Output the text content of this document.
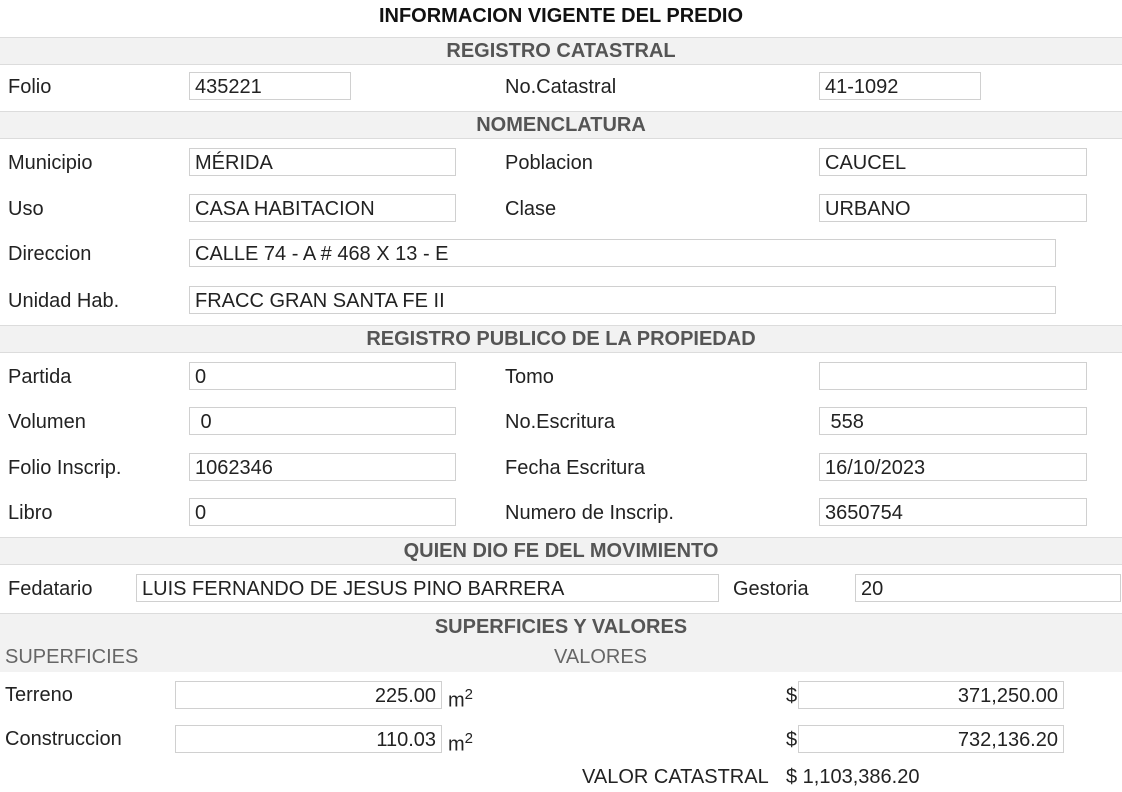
INFORMACION VIGENTE DEL PREDIO
REGISTRO CATASTRAL
Folio	435221	No.Catastral	41-1092
NOMENCLATURA
Municipio	MÉRIDA	Poblacion	CAUCEL
Uso	CASA HABITACION	Clase	URBANO
Direccion	CALLE 74 - A # 468 X 13 - E
Unidad Hab.	FRACC GRAN SANTA FE II
REGISTRO PUBLICO DE LA PROPIEDAD
Partida	0	Tomo
Volumen	0	No.Escritura	558
Folio Inscrip.	1062346	Fecha Escritura	16/10/2023
Libro	0	Numero de Inscrip.	3650754
QUIEN DIO FE DEL MOVIMIENTO
Fedatario	LUIS FERNANDO DE JESUS PINO BARRERA	Gestoria	20
SUPERFICIES Y VALORES
SUPERFICIES	VALORES
Terreno	225.00 $m^2$	$	371,250.00
Construccion	110.03 $m^2$	$	732,136.20
VALOR CATASTRAL $ 1,103,386.20
